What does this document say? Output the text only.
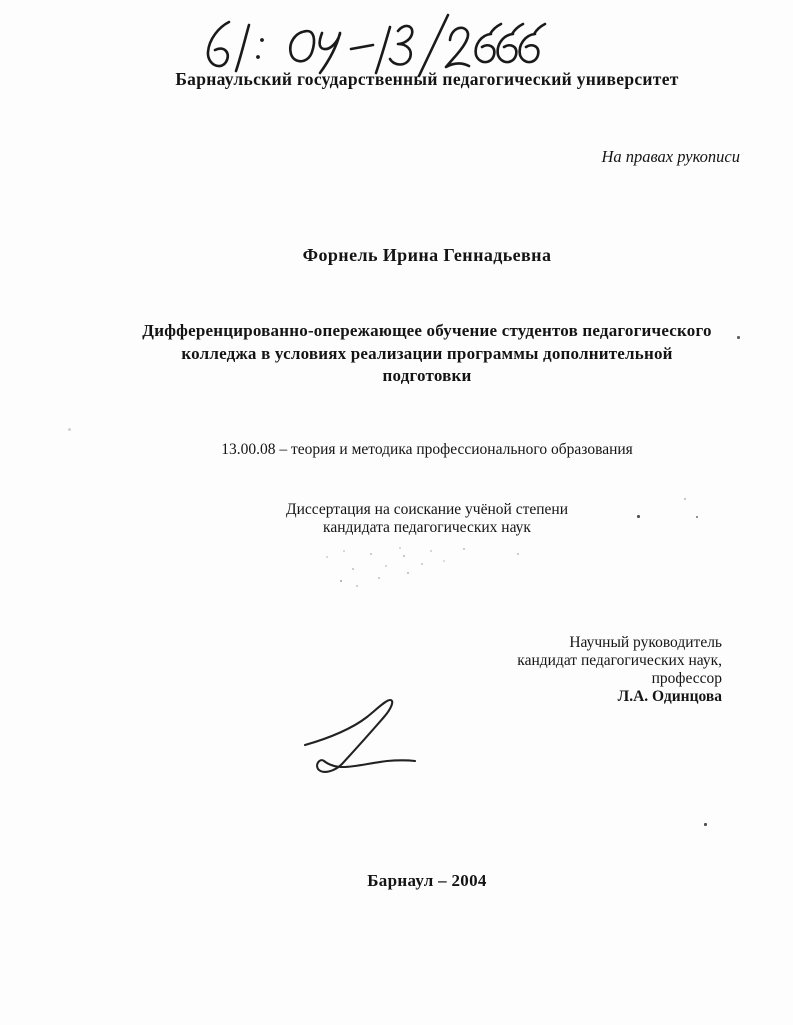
Барнаульский государственный педагогический университет
На правах рукописи
Форнель Ирина Геннадьевна
Дифференцированно-опережающее обучение студентов педагогического
колледжа в условиях реализации программы дополнительной
подготовки
13.00.08 – теория и методика профессионального образования
Диссертация на соискание учёной степени
кандидата педагогических наук
Научный руководитель
кандидат педагогических наук,
профессор
Л.А. Одинцова
Барнаул – 2004
